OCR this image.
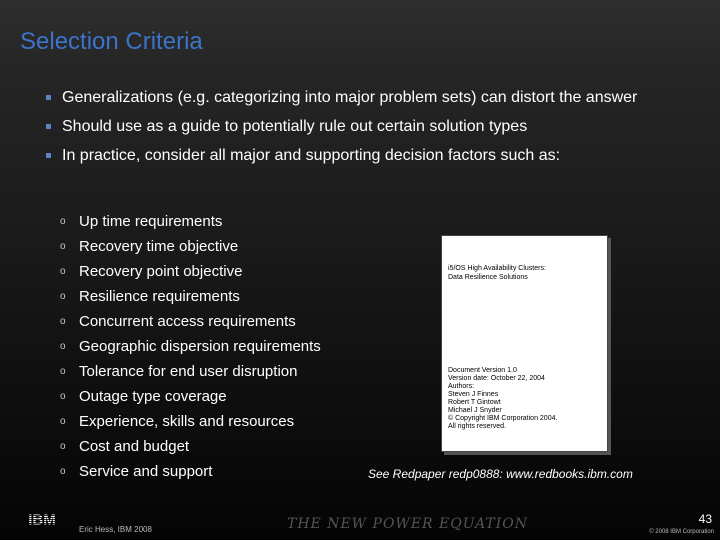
Selection Criteria
Generalizations (e.g. categorizing into major problem sets) can distort the answer
Should use as a guide to potentially rule out certain solution types
In practice, consider all major and supporting decision factors such as:
o Up time requirements
o Recovery time objective
o Recovery point objective
o Resilience requirements
o Concurrent access requirements
o Geographic dispersion requirements
o Tolerance for end user disruption
o Outage type coverage
o Experience, skills and resources
o Cost and budget
o Service and support
i5/OS High Availability Clusters:
Data Resilience Solutions
Document Version 1.0
Version date: October 22, 2004
Authors:
Steven J Finnes
Robert T Gintowt
Michael J Snyder
© Copyright IBM Corporation 2004.
All rights reserved.
See Redpaper redp0888: www.redbooks.ibm.com
IBM
Eric Hess, IBM 2008	THE NEW POWER EQUATION	43
© 2008 IBM Corporation
